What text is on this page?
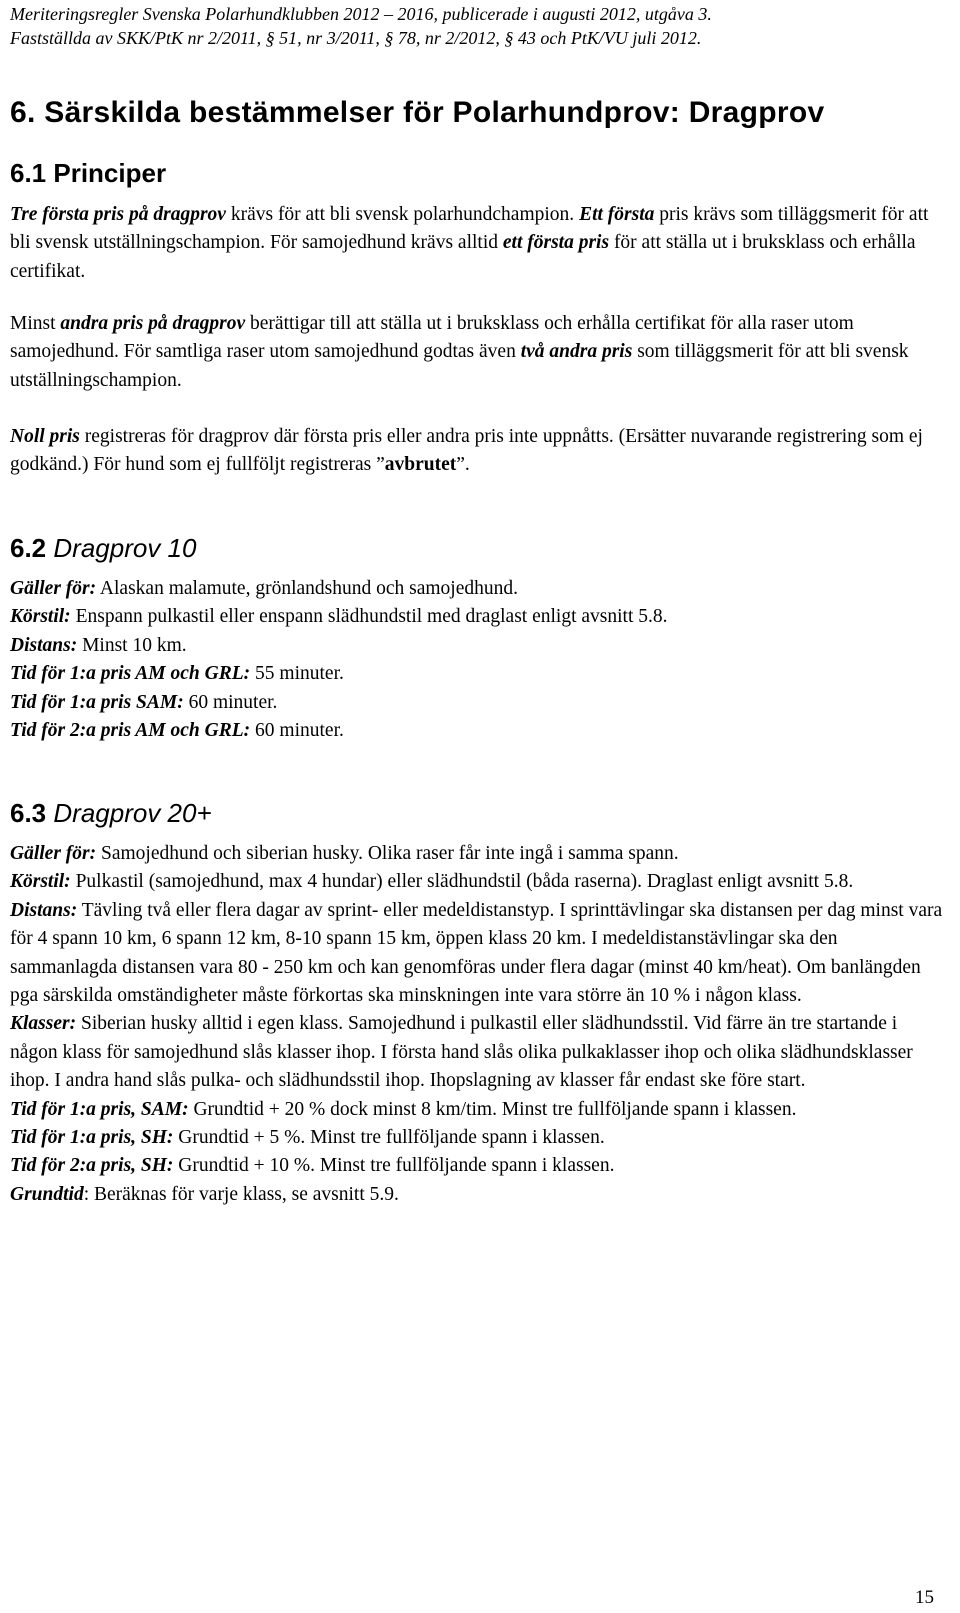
Meriteringsregler Svenska Polarhundklubben 2012 – 2016, publicerade i augusti 2012, utgåva 3.
Fastställda av SKK/PtK nr 2/2011, § 51, nr 3/2011, § 78, nr 2/2012, § 43 och PtK/VU juli 2012.
6. Särskilda bestämmelser för Polarhundprov: Dragprov
6.1 Principer

Tre första pris på dragprov krävs för att bli svensk polarhundchampion. Ett första pris krävs som tilläggsmerit för att bli svensk utställningschampion. För samojedhund krävs alltid ett första pris för att ställa ut i bruksklass och erhålla certifikat.

Minst andra pris på dragprov berättigar till att ställa ut i bruksklass och erhålla certifikat för alla raser utom samojedhund. För samtliga raser utom samojedhund godtas även två andra pris som tilläggsmerit för att bli svensk utställningschampion.

Noll pris registreras för dragprov där första pris eller andra pris inte uppnåtts. (Ersätter nuvarande registrering som ej godkänd.) För hund som ej fullföljt registreras ”avbrutet”.

6.2 Dragprov 10

Gäller för: Alaskan malamute, grönlandshund och samojedhund.

Körstil: Enspann pulkastil eller enspann slädhundstil med draglast enligt avsnitt 5.8.

Distans: Minst 10 km.

Tid för 1:a pris AM och GRL: 55 minuter.

Tid för 1:a pris SAM: 60 minuter.

Tid för 2:a pris AM och GRL: 60 minuter.

6.3 Dragprov 20+

Gäller för: Samojedhund och siberian husky. Olika raser får inte ingå i samma spann.

Körstil: Pulkastil (samojedhund, max 4 hundar) eller slädhundstil (båda raserna). Draglast enligt avsnitt 5.8.

Distans: Tävling två eller flera dagar av sprint- eller medeldistanstyp. I sprinttävlingar ska distansen per dag minst vara för 4 spann 10 km, 6 spann 12 km, 8-10 spann 15 km, öppen klass 20 km. I medeldistanstävlingar ska den sammanlagda distansen vara 80 - 250 km och kan genomföras under flera dagar (minst 40 km/heat). Om banlängden pga särskilda omständigheter måste förkortas ska minskningen inte vara större än 10 % i någon klass.

Klasser: Siberian husky alltid i egen klass. Samojedhund i pulkastil eller slädhundsstil. Vid färre än tre startande i någon klass för samojedhund slås klasser ihop. I första hand slås olika pulkaklasser ihop och olika slädhundsklasser ihop. I andra hand slås pulka- och slädhundsstil ihop. Ihopslagning av klasser får endast ske före start.

Tid för 1:a pris, SAM: Grundtid + 20 % dock minst 8 km/tim. Minst tre fullföljande spann i klassen.

Tid för 1:a pris, SH: Grundtid + 5 %. Minst tre fullföljande spann i klassen.

Tid för 2:a pris, SH: Grundtid + 10 %. Minst tre fullföljande spann i klassen.

Grundtid: Beräknas för varje klass, se avsnitt 5.9.

15
